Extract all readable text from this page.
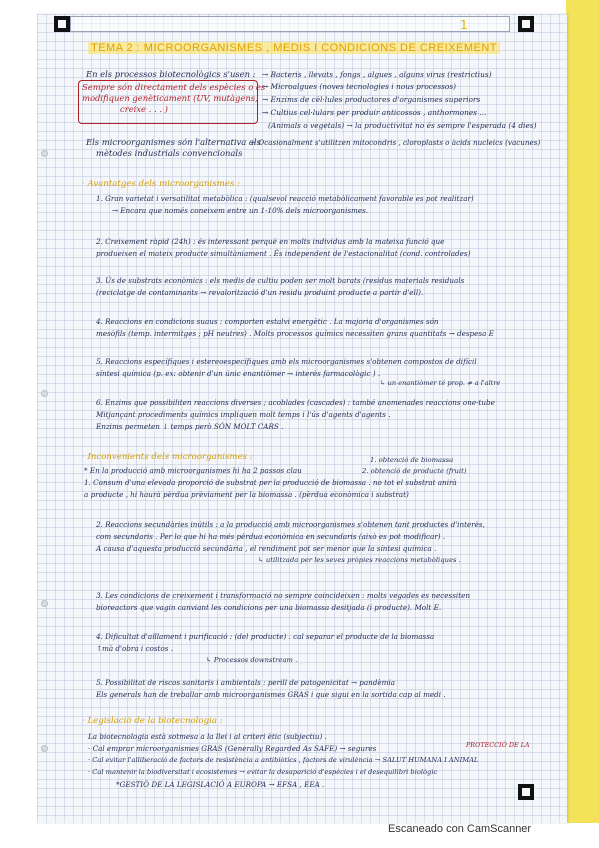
1
TEMA 2 : MICROORGANISMES , MEDIS I CONDICIONS DE CREIXEMENT
En els processos biotecnològics s'usen :
Sempre són directament dels espècies o es
modifiquen genèticament (UV, mutàgens,
creixe . . . )
→ Bacteris , llevats , fongs , algues , alguns virus (restrictius)
→ Microalgues (noves tecnologies i nous processos)
→ Enzims de cèl·lules productores d'organismes superiors
→ Cultius cel·lulars per produir anticossos , anthormones ...
(Animals o vegetals) → la productivitat no és sempre l'esperada (4 dies)
Els microorganismes són l'alternativa als
mètodes industrials convencionals
→ Ocasionalment s'utilitzen mitocondris , cloroplasts o àcids nucleics (vacunes)
· Avantatges dels microorganismes :
1. Gran varietat i versatilitat metabòlica : (qualsevol reacció metabòlicament favorable es pot realitzar)
→ Encara que només coneixem entre un 1-10% dels microorganismes.
2. Creixement ràpid (24h) : és interessant perquè en molts individus amb la mateixa funció que
produeixen el mateix producte simultàniament . És independent de l'estacionalitat (cond. controlades)
3. Ús de substrats econòmics : els medis de cultiu poden ser molt barats (residus materials residuals
(reciclatge de contaminants → revalorització d'un residu produint producte a partir d'ell).
4. Reaccions en condicions suaus : comporten estalvi energètic . La majoria d'organismes són
mesòfils (temp. intermitges ; pH neutres) . Molts processos químics necessiten grans quantitats → despesa E
5. Reaccions específiques i estereoespecífiques amb els microorganismes s'obtenen compostos de difícil
síntesi química (p. ex: obtenir d'un únic enantiòmer → interès farmacològic ) .
↳ un enantiòmer té prop. ≠ a l'altre
6. Enzims que possibiliten reaccions diverses ; acoblades (cascades) : també anomenades reaccions one-tube
Mitjançant procediments químics impliquen molt temps i l'ús d'agents d'agents .
Enzims permeten ↓ temps però SÓN MOLT CARS .
· Inconvenients dels microorganismes :	1. obtenció de biomassa
* En la producció amb microorganismes hi ha 2 passos clau	2. obtenció de producte (fruit)
1. Consum d'una elevada proporció de substrat per la producció de biomassa . no tot el substrat anirà
a producte , hi haurà pèrdua prèviament per la biomassa . (pèrdua econòmica i substrat)
2. Reaccions secundàries inútils : a la producció amb microorganismes s'obtenen tant productes d'interès,
com secundaris . Per lo que hi ha més pèrdua econòmica en secundaris (això es pot modificar) .
A causa d'aquesta producció secundària , el rendiment pot ser menor que la síntesi química .
↳ utilitzada per les seves pròpies reaccions metabòliques .
3. Les condicions de creixement i transformació no sempre coincideixen : molts vegades es necessiten
bioreactors que vagin canviant les condicions per una biomassa desitjada (i producte). Molt E.
4. Dificultat d'aïllament i purificació : (del producte) . cal separar el producte de la biomassa
↑mà d'obra i costos .
↳ Processos downstream .
5. Possibilitat de riscos sanitaris i ambientals : perill de patogenicitat → pandèmia
Els generals han de treballar amb microorganismes GRAS i que sigui en la sortida cap al medi .
· Legislació de la biotecnologia :
La biotecnologia està sotmesa a la llei i al criteri ètic (subjectiu) .
· Cal emprar microorganismes GRAS (Generally Regarded As SAFE) → segures	PROTECCIÓ DE LA
· Cal evitar l'alliberació de factors de resistència a antibiòtics , factors de virulència → SALUT HUMANA I ANIMAL
· Cal mantenir la biodiversitat i ecosistemes → evitar la desaparició d'espècies i el desequilibri biològic
*GESTIÓ DE LA LEGISLACIÓ A EUROPA → EFSA , EEA .
Escaneado con CamScanner
